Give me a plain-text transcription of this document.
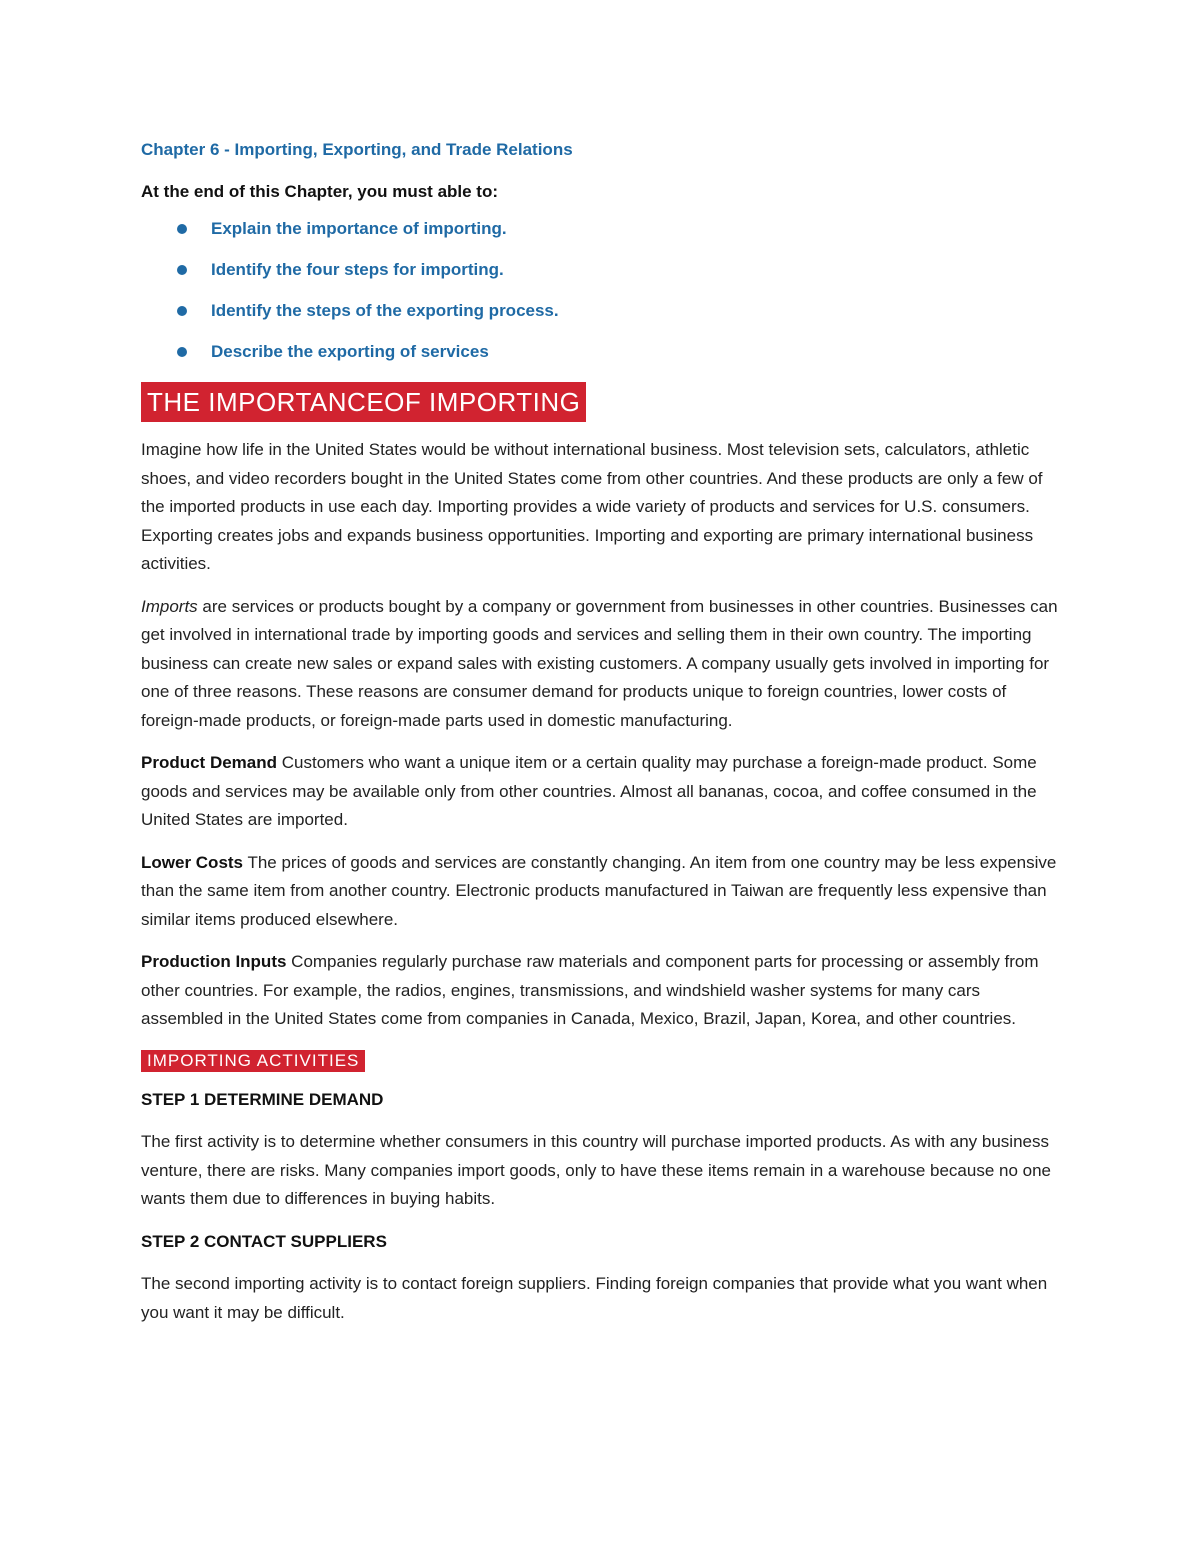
Chapter 6 - Importing, Exporting, and Trade Relations
At the end of this Chapter, you must able to:
Explain the importance of importing.
Identify the four steps for importing.
Identify the steps of the exporting process.
Describe the exporting of services
THE IMPORTANCEOF IMPORTING

Imagine how life in the United States would be without international business. Most television sets, calculators, athletic shoes, and video recorders bought in the United States come from other countries. And these products are only a few of the imported products in use each day. Importing provides a wide variety of products and services for U.S. consumers. Exporting creates jobs and expands business opportunities. Importing and exporting are primary international business activities.

Imports are services or products bought by a company or government from businesses in other countries. Businesses can get involved in international trade by importing goods and services and selling them in their own country. The importing business can create new sales or expand sales with existing customers. A company usually gets involved in importing for one of three reasons. These reasons are consumer demand for products unique to foreign countries, lower costs of foreign-made products, or foreign-made parts used in domestic manufacturing.

Product Demand Customers who want a unique item or a certain quality may purchase a foreign-made product. Some goods and services may be available only from other countries. Almost all bananas, cocoa, and coffee consumed in the United States are imported.

Lower Costs The prices of goods and services are constantly changing. An item from one country may be less expensive than the same item from another country. Electronic products manufactured in Taiwan are frequently less expensive than similar items produced elsewhere.

Production Inputs Companies regularly purchase raw materials and component parts for processing or assembly from other countries. For example, the radios, engines, transmissions, and windshield washer systems for many cars assembled in the United States come from companies in Canada, Mexico, Brazil, Japan, Korea, and other countries.

IMPORTING ACTIVITIES

STEP 1 DETERMINE DEMAND

The first activity is to determine whether consumers in this country will purchase imported products. As with any business venture, there are risks. Many companies import goods, only to have these items remain in a warehouse because no one wants them due to differences in buying habits.

STEP 2 CONTACT SUPPLIERS

The second importing activity is to contact foreign suppliers. Finding foreign companies that provide what you want when you want it may be difficult.
